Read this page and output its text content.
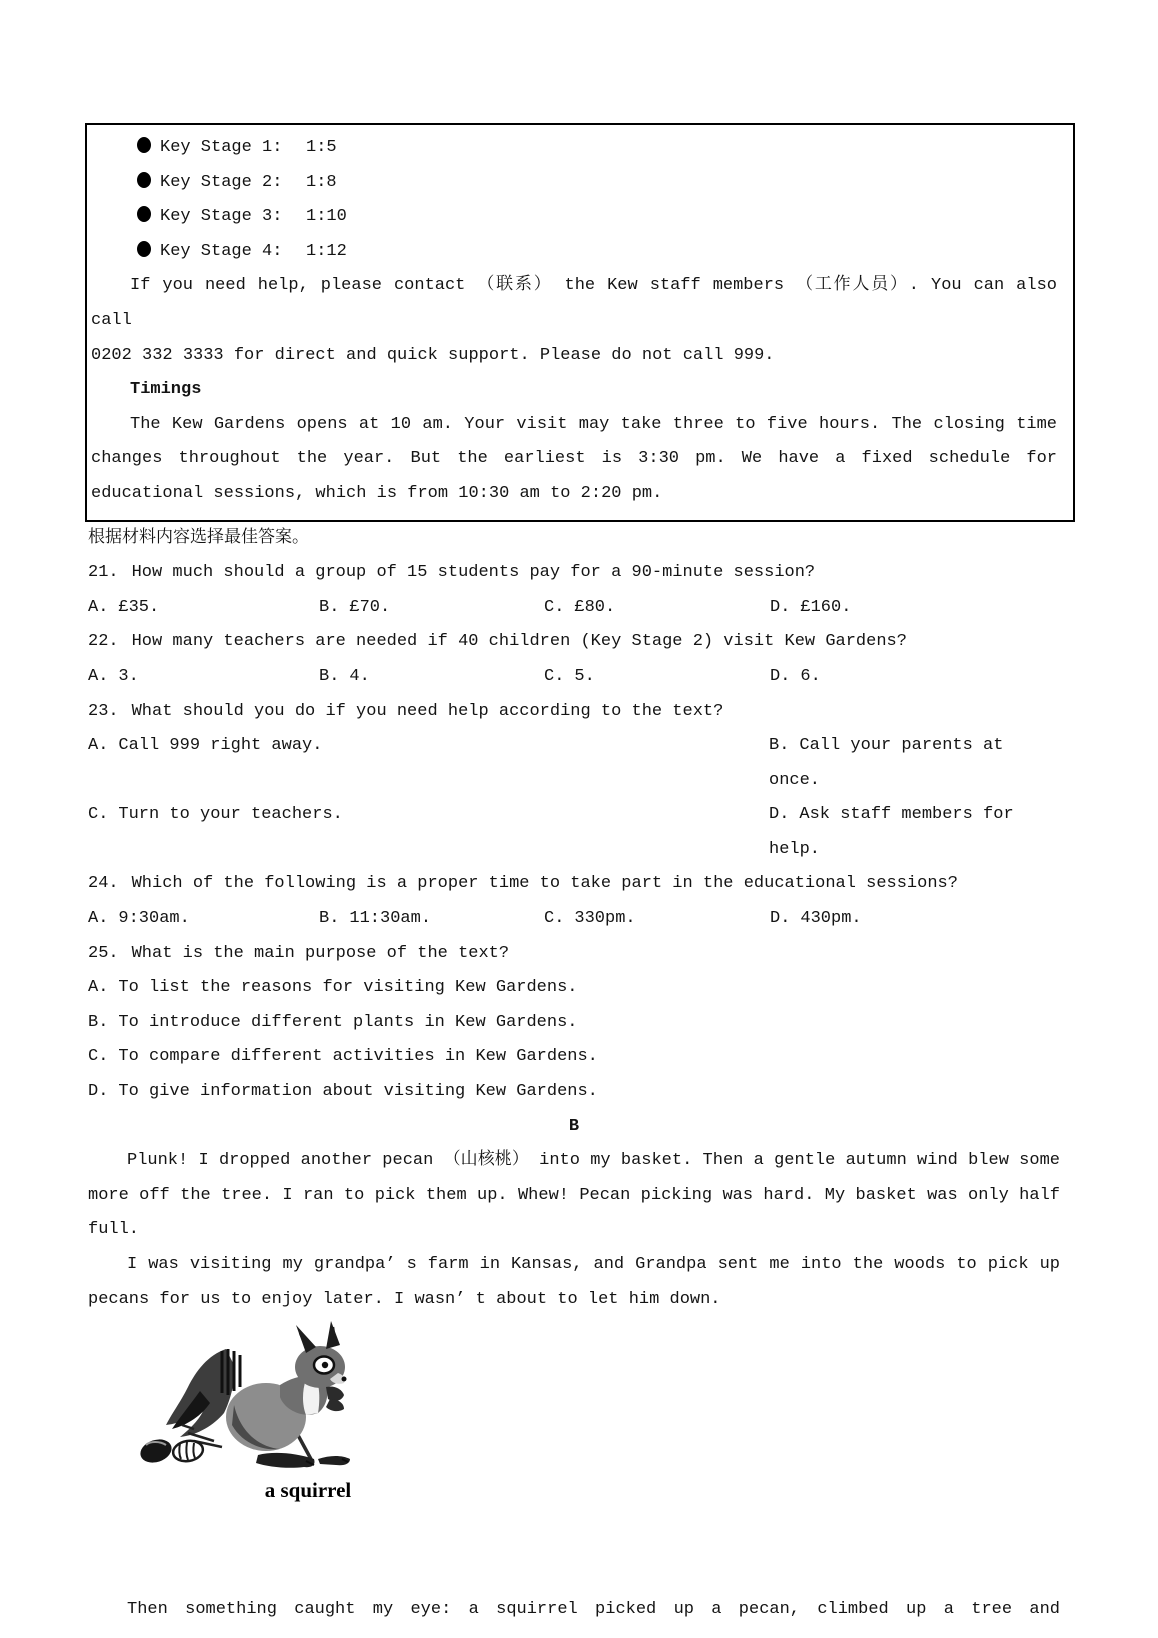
Key Stage 1: 1:5
Key Stage 2: 1:8
Key Stage 3: 1:10
Key Stage 4: 1:12
If you need help, please contact （联系） the Kew staff members （工作人员）. You can also call
0202 332 3333 for direct and quick support. Please do not call 999.
Timings
The Kew Gardens opens at 10 am. Your visit may take three to five hours. The closing time
changes throughout the year. But the earliest is 3:30 pm. We have a fixed schedule for
educational sessions, which is from 10:30 am to 2:20 pm.
根据材料内容选择最佳答案。
21. How much should a group of 15 students pay for a 90-minute session?
A. £35.	B. £70.	C. £80.	D. £160.
22. How many teachers are needed if 40 children (Key Stage 2) visit Kew Gardens?
A. 3.	B. 4.	C. 5.	D. 6.
23. What should you do if you need help according to the text?
A. Call 999 right away.	B. Call your parents at once.
C. Turn to your teachers.	D. Ask staff members for help.
24. Which of the following is a proper time to take part in the educational sessions?
A. 9:30am.	B. 11:30am.	C. 330pm.	D. 430pm.
25. What is the main purpose of the text?
A. To list the reasons for visiting Kew Gardens.
B. To introduce different plants in Kew Gardens.
C. To compare different activities in Kew Gardens.
D. To give information about visiting Kew Gardens.
B
Plunk! I dropped another pecan （山核桃） into my basket. Then a gentle autumn wind blew some
more off the tree. I ran to pick them up. Whew! Pecan picking was hard. My basket was only half
full.
I was visiting my grandpa’ s farm in Kansas, and Grandpa sent me into the woods to pick up
pecans for us to enjoy later. I wasn’ t about to let him down.
a squirrel
Then something caught my eye: a squirrel picked up a pecan, climbed up a tree and
